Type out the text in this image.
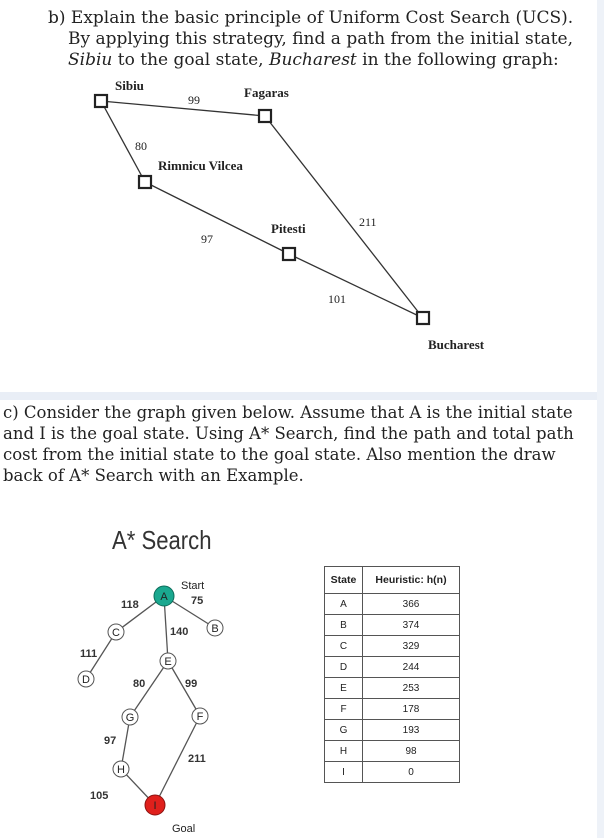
b) Explain the basic principle of Uniform Cost Search (UCS).
By applying this strategy, find a path from the initial state,
Sibiu to the goal state, Bucharest in the following graph:
Sibiu	Fagaras
Rimnicu Vilcea
Pitesti
Bucharest
99
80
97
211
101
c) Consider the graph given below. Assume that A is the initial state
and I is the goal state. Using A* Search, find the path and total path
cost from the initial state to the goal state. Also mention the draw
back of A* Search with an Example.
A* Search
A
B
C
D
E
F
G
H
I
Start
Goal
118	75
140
111
80	99
97
105
211
State	Heuristic: h(n)
A	366
B	374
C	329
D	244
E	253
F	178
G	193
H	98
I	0
